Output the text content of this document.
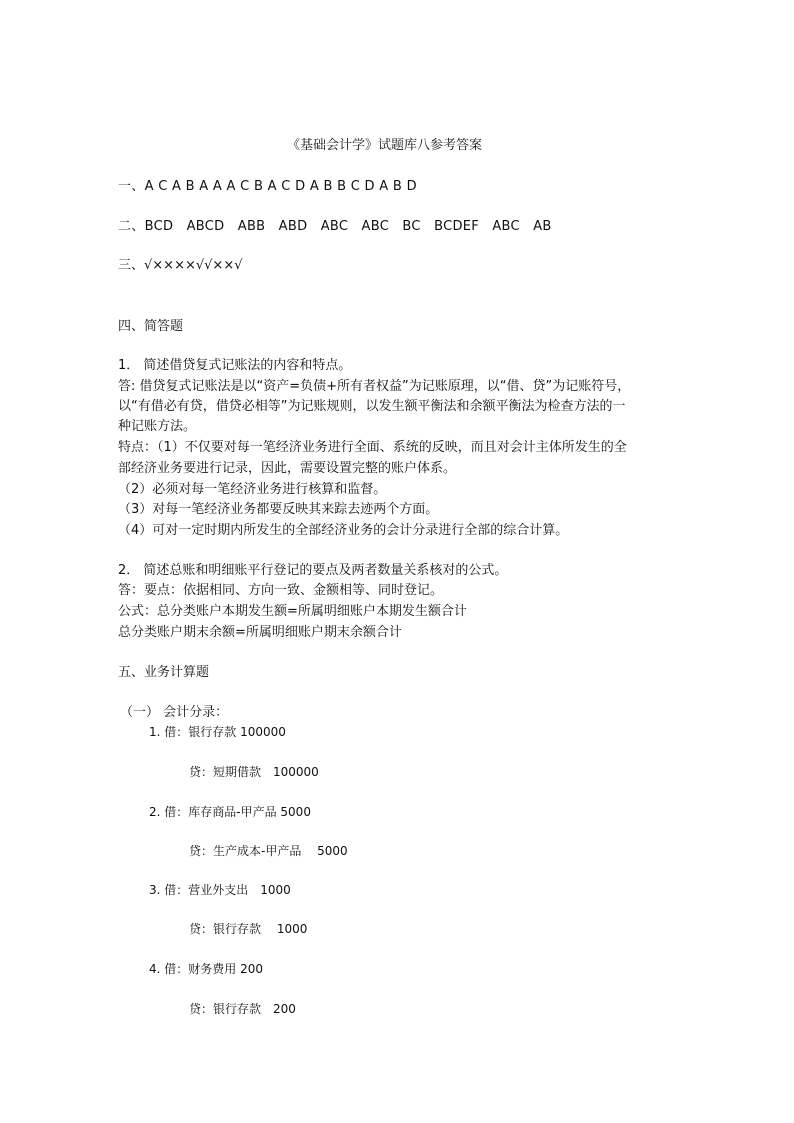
《基础会计学》试题库八参考答案
一、A C A B A A A C B A C D A B B C D A B D
二、BCD　ABCD　ABB　ABD　ABC　ABC　BC　BCDEF　ABC　AB
三、√××××√√××√
四、简答题
1． 简述借贷复式记账法的内容和特点。
答: 借贷复式记账法是以“资产=负债+所有者权益”为记账原理，以“借、贷”为记账符号，
以“有借必有贷，借贷必相等”为记账规则，以发生额平衡法和余额平衡法为检查方法的一
种记账方法。
特点：（1）不仅要对每一笔经济业务进行全面、系统的反映，而且对会计主体所发生的全
部经济业务要进行记录，因此，需要设置完整的账户体系。
（2）必须对每一笔经济业务进行核算和监督。
（3）对每一笔经济业务都要反映其来踪去迹两个方面。
（4）可对一定时期内所发生的全部经济业务的会计分录进行全部的综合计算。
2． 简述总账和明细账平行登记的要点及两者数量关系核对的公式。
答：要点：依据相同、方向一致、金额相等、同时登记。
公式：总分类账户本期发生额=所属明细账户本期发生额合计
总分类账户期末余额=所属明细账户期末余额合计
五、业务计算题
（一） 会计分录：
1. 借：银行存款 100000
贷：短期借款　100000
2. 借：库存商品-甲产品 5000
贷：生产成本-甲产品　 5000
3. 借：营业外支出　1000
贷：银行存款　 1000
4. 借：财务费用 200
贷：银行存款　200
